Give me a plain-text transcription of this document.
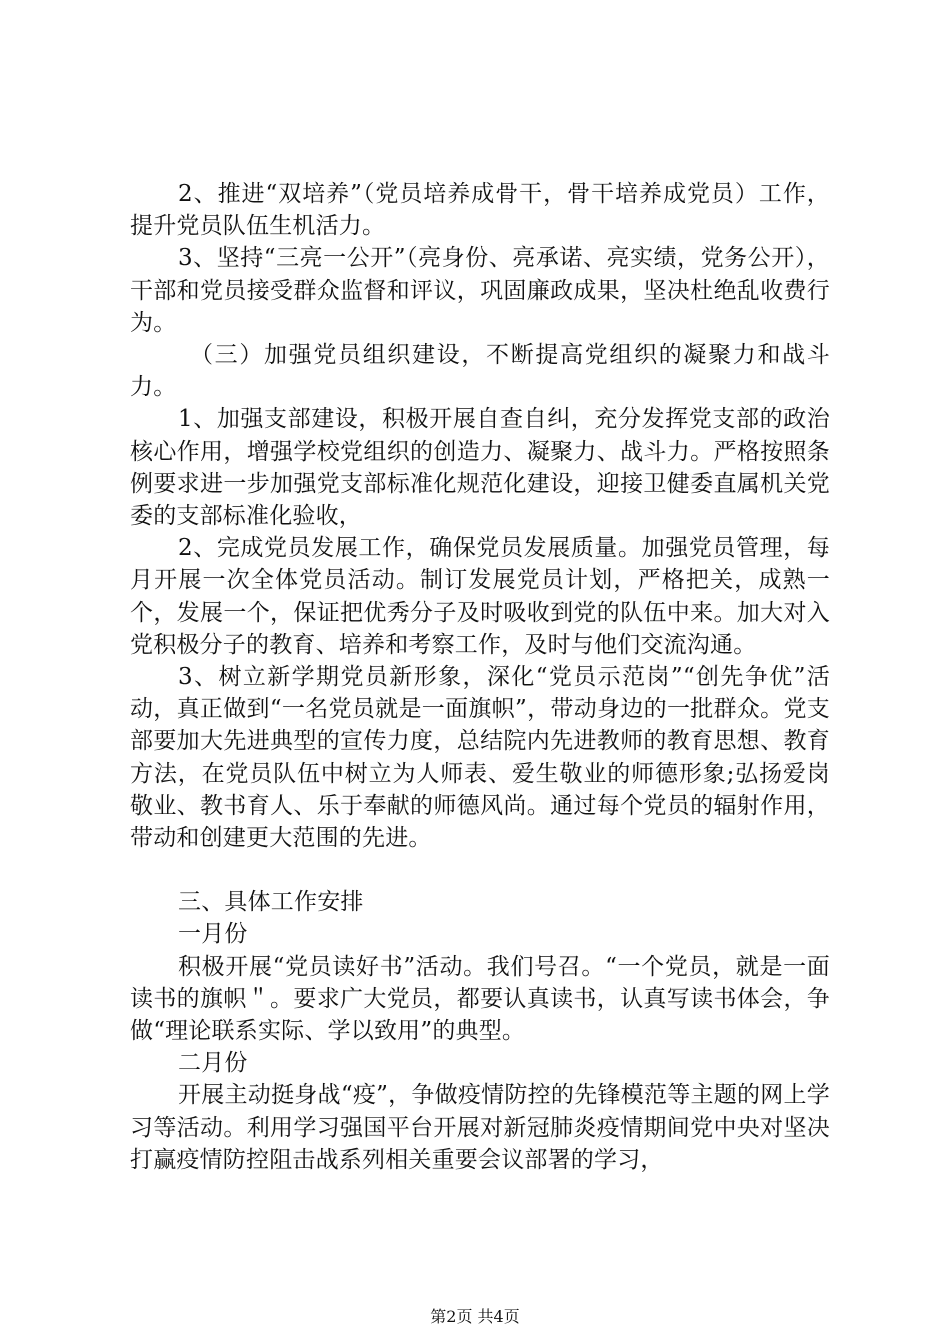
2、推进“双培养”（党员培养成骨干，骨干培养成党员）工作，提升党员队伍生机活力。

3、坚持“三亮一公开”（亮身份、亮承诺、亮实绩，党务公开），干部和党员接受群众监督和评议，巩固廉政成果，坚决杜绝乱收费行为。

（三）加强党员组织建设，不断提高党组织的凝聚力和战斗力。

1、加强支部建设，积极开展自查自纠，充分发挥党支部的政治核心作用，增强学校党组织的创造力、凝聚力、战斗力。严格按照条例要求进一步加强党支部标准化规范化建设，迎接卫健委直属机关党委的支部标准化验收，

2、完成党员发展工作，确保党员发展质量。加强党员管理，每月开展一次全体党员活动。制订发展党员计划，严格把关，成熟一个，发展一个，保证把优秀分子及时吸收到党的队伍中来。加大对入党积极分子的教育、培养和考察工作，及时与他们交流沟通。

3、树立新学期党员新形象，深化“党员示范岗”“创先争优”活动，真正做到“一名党员就是一面旗帜”，带动身边的一批群众。党支部要加大先进典型的宣传力度，总结院内先进教师的教育思想、教育方法，在党员队伍中树立为人师表、爱生敬业的师德形象;弘扬爱岗敬业、教书育人、乐于奉献的师德风尚。通过每个党员的辐射作用，带动和创建更大范围的先进。

三、具体工作安排

一月份

积极开展“党员读好书”活动。我们号召。“一个党员，就是一面读书的旗帜＂。要求广大党员，都要认真读书，认真写读书体会，争做“理论联系实际、学以致用”的典型。

二月份

开展主动挺身战“疫”，争做疫情防控的先锋模范等主题的网上学习等活动。利用学习强国平台开展对新冠肺炎疫情期间党中央对坚决打赢疫情防控阻击战系列相关重要会议部署的学习，

第2页 共4页
